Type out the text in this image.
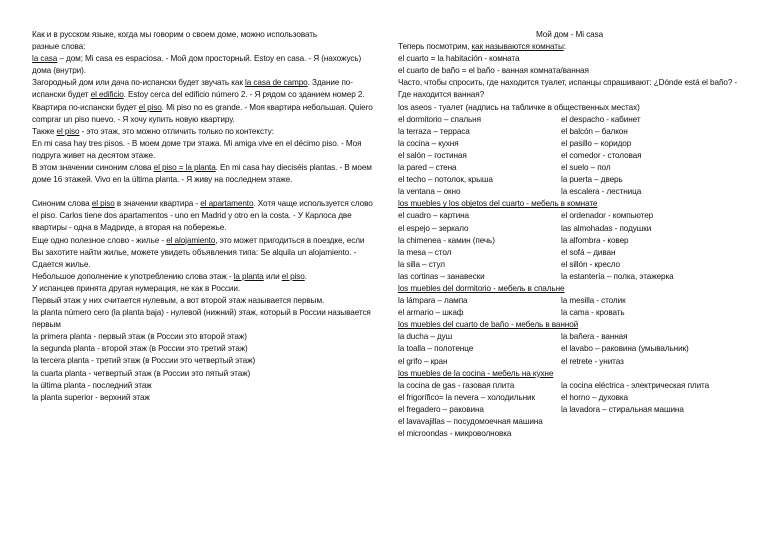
Как и в русском языке, когда мы говорим о своем доме, можно использовать
разные слова:

la casa – дом; Mi casa es espaciosa. - Мой дом просторный. Estoy en casa. - Я (нахожусь) дома (внутри).

Загородный дом или дача по-испански будет звучать как la casa de campo. Здание по-испански будет el edificio. Estoy cerca del edificio número 2. - Я рядом со зданием номер 2.

Квартира по-испански будет el piso. Mi piso no es grande. - Моя квартира небольшая. Quiero comprar un piso nuevo. - Я хочу купить новую квартиру.

Также el piso - это этаж, это можно отличить только по контексту:

En mi casa hay tres pisos. - В моем доме три этажа. Mi amiga vive en el décimo piso. - Моя подруга живет на десятом этаже.

В этом значении синоним слова el piso = la planta. En mi casa hay dieciséis plantas. - В моем доме 16 этажей. Vivo en la última planta. - Я живу на последнем этаже.

Синоним слова el piso в значении квартира - el apartamento. Хотя чаще используется слово el piso. Carlos tiene dos apartamentos - uno en Madrid y otro en la costa. - У Карлоса две квартиры - одна в Мадриде, а вторая на побережье.

Еще одно полезное слово - жилье - el alojamiento, это может пригодиться в поездке, если Вы захотите найти жилье, можете увидеть объявления типа: Se alquila un alojamiento. - Сдается жилье.

Небольшое дополнение к употреблению слова этаж - la planta или el piso.

У испанцев принята другая нумерация, не как в России.
Первый этаж у них считается нулевым, а вот второй этаж называется первым.
la planta número cero (la planta baja) - нулевой (нижний) этаж, который в России называется первым
la primera planta - первый этаж (в России это второй этаж)
la segunda planta - второй этаж (в России это третий этаж)
la tercera planta - третий этаж (в России это четвертый этаж)
la cuarta planta - четвертый этаж (в России это пятый этаж)
la última planta - последний этаж
la planta superior - верхний этаж

Мой дом - Mi casa

Теперь посмотрим, как называются комнаты:

el cuarto = la habitación - комната
el cuarto de baño = el baño - ванная комната/ванная

Часто, чтобы спросить, где находится туалет, испанцы спрашивают: ¿Dónde está el baño? - Где находится ванная?

los aseos - туалет (надпись на табличке в общественных местах)
el dormitorio – спальня	el despacho - кабинет
la terraza – терраса	el balcón – балкон
la cocina – кухня	el pasillo – коридор
el salón – гостиная	el comedor - столовая
la pared – стена	el suelo – пол
el techo – потолок, крыша	la puerta – дверь
la ventana – окно	la escalera - лестница
los muebles y los objetos del cuarto - мебель в комнате
el cuadro – картина	el ordenador - компьютер
el espejo – зеркало	las almohadas - подушки
la chimenea - камин (печь)	la alfombra - ковер
la mesa – стол	el sofá – диван
la silla – стул	el sillón - кресло
las cortinas – занавески	la estantería – полка, этажерка
los muebles del dormitorio - мебель в спальне
la lámpara – лампа	la mesilla - столик
el armario – шкаф	la cama - кровать
los muebles del cuarto de baño - мебель в ванной
la ducha – душ	la bañera - ванная
la toalla – полотенце	el lavabo – раковина (умывальник)
el grifo – кран	el retrete - унитаз
los muebles de la cocina - мебель на кухне
la cocina de gas - газовая плита	la cocina eléctrica - электрическая плита
el frigorífico= la nevera – холодильник	el horno – духовка
el fregadero – раковина	la lavadora – стиральная машина
el lavavajillas – посудомоечная машина
el microondas - микроволновка
